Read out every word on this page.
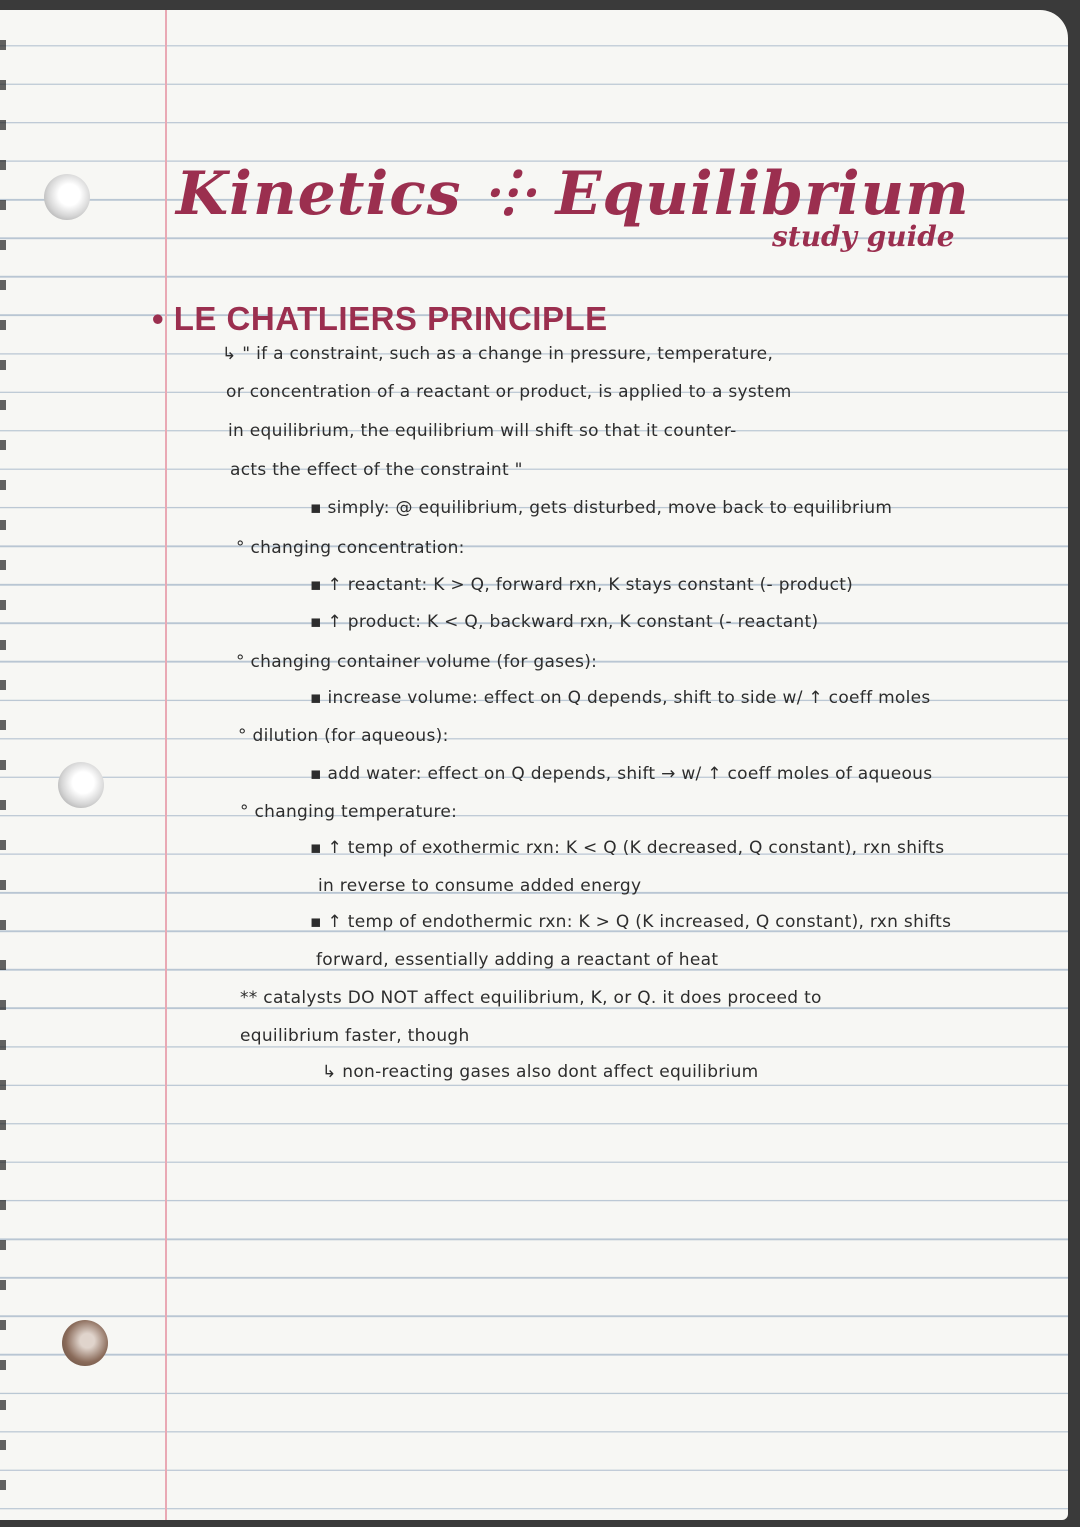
Kinetics ⸭ Equilibrium
study guide
• LE CHATLIERS PRINCIPLE
↳ " if a constraint, such as a change in pressure, temperature,
or concentration of a reactant or product, is applied to a system
in equilibrium, the equilibrium will shift so that it counter-
acts the effect of the constraint "
▪ simply: @ equilibrium, gets disturbed, move back to equilibrium
° changing concentration:
▪ ↑ reactant: K > Q, forward rxn, K stays constant (- product)
▪ ↑ product: K < Q, backward rxn, K constant (- reactant)
° changing container volume (for gases):
▪ increase volume: effect on Q depends, shift to side w/ ↑ coeff moles
° dilution (for aqueous):
▪ add water: effect on Q depends, shift → w/ ↑ coeff moles of aqueous
° changing temperature:
▪ ↑ temp of exothermic rxn: K < Q (K decreased, Q constant), rxn shifts
in reverse to consume added energy
▪ ↑ temp of endothermic rxn: K > Q (K increased, Q constant), rxn shifts
forward, essentially adding a reactant of heat
** catalysts DO NOT affect equilibrium, K, or Q. it does proceed to
equilibrium faster, though
↳ non-reacting gases also dont affect equilibrium
